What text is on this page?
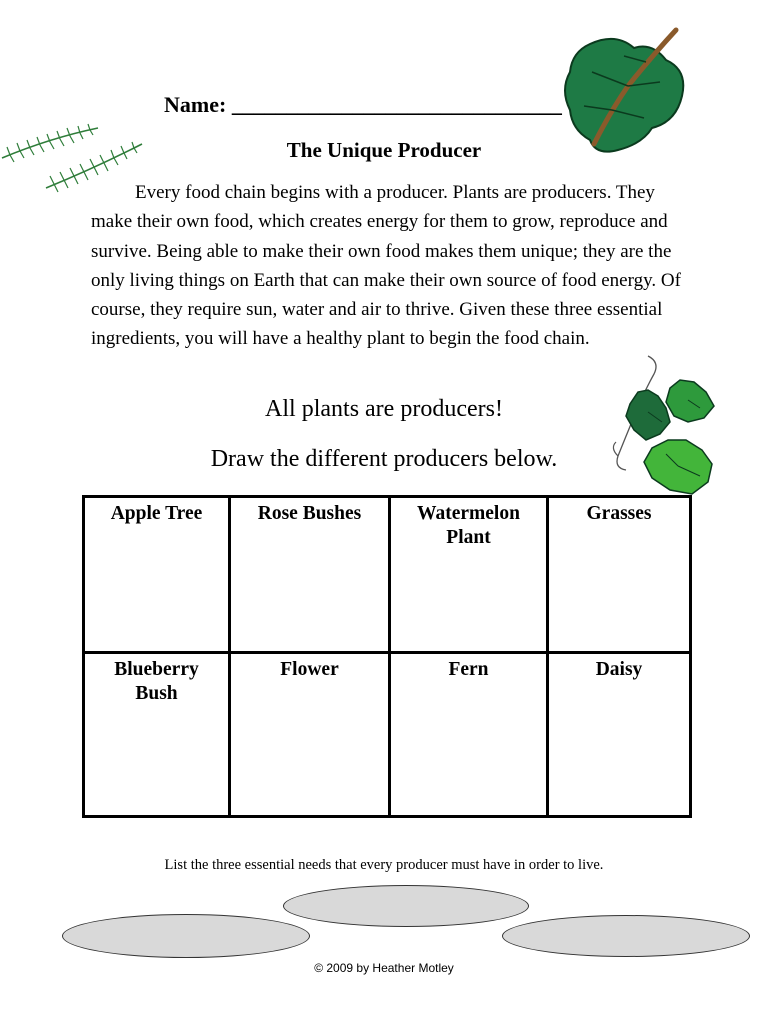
Name: ______________________________
The Unique Producer
Every food chain begins with a producer. Plants are producers. They make their own food, which creates energy for them to grow, reproduce and survive. Being able to make their own food makes them unique; they are the only living things on Earth that can make their own source of food energy. Of course, they require sun, water and air to thrive. Given these three essential ingredients, you will have a healthy plant to begin the food chain.
All plants are producers!
Draw the different producers below.
Apple Tree	Rose Bushes	Watermelon Plant	Grasses
Blueberry Bush	Flower	Fern	Daisy
List the three essential needs that every producer must have in order to live.
© 2009 by Heather Motley
